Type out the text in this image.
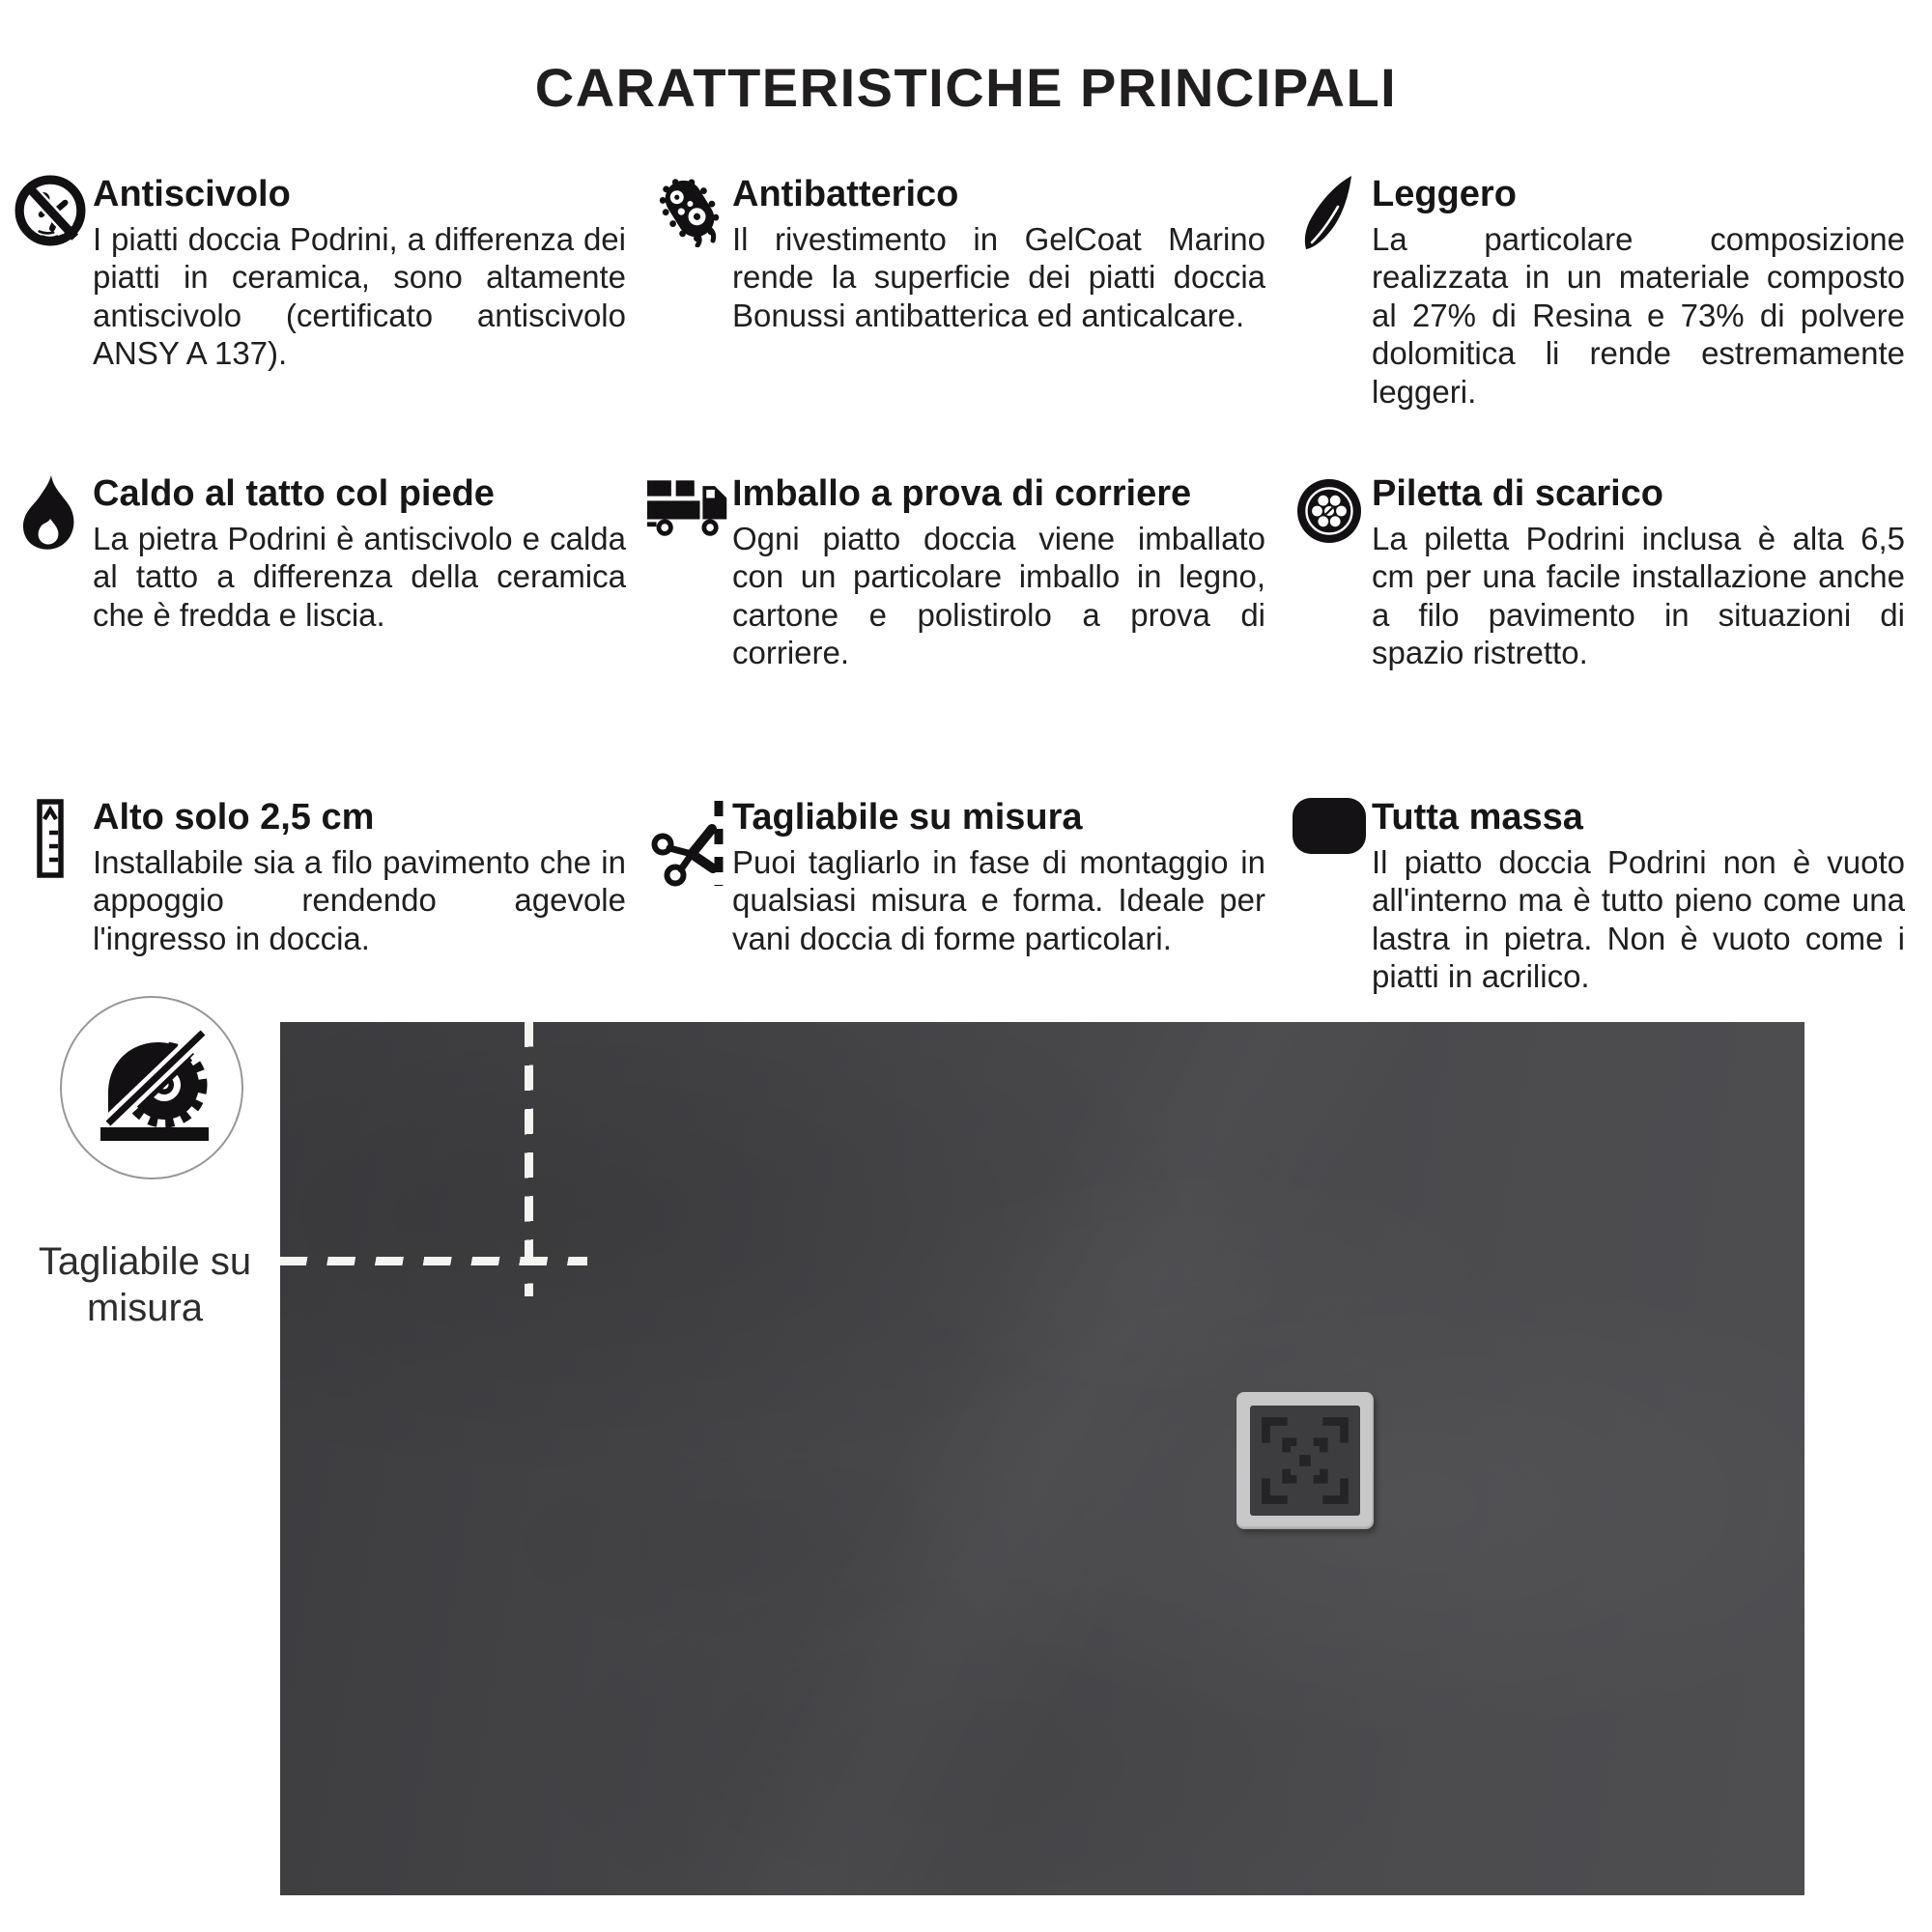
CARATTERISTICHE PRINCIPALI
Antiscivolo
I piatti doccia Podrini, a differenza dei piatti in ceramica, sono altamente antiscivolo (certificato antiscivolo ANSY A 137).
Antibatterico
Il rivestimento in GelCoat Marino rende la superficie dei piatti doccia Bonussi antibatterica ed anticalcare.
Leggero
La particolare composizione realizzata in un materiale composto al 27% di Resina e 73% di polvere dolomitica li rende estremamente leggeri.
Caldo al tatto col piede
La pietra Podrini è antiscivolo e calda al tatto a differenza della ceramica che è fredda e liscia.
Imballo a prova di corriere
Ogni piatto doccia viene imballato con un particolare imballo in legno, cartone e polistirolo a prova di corriere.
Piletta di scarico
La piletta Podrini inclusa è alta 6,5 cm per una facile installazione anche a filo pavimento in situazioni di spazio ristretto.
Alto solo 2,5 cm
Installabile sia a filo pavimento che in appoggio rendendo agevole l'ingresso in doccia.
Tagliabile su misura
Puoi tagliarlo in fase di montaggio in qualsiasi misura e forma. Ideale per vani doccia di forme particolari.
Tutta massa
Il piatto doccia Podrini non è vuoto all'interno ma è tutto pieno come una lastra in pietra. Non è vuoto come i piatti in acrilico.
Tagliabile su misura
